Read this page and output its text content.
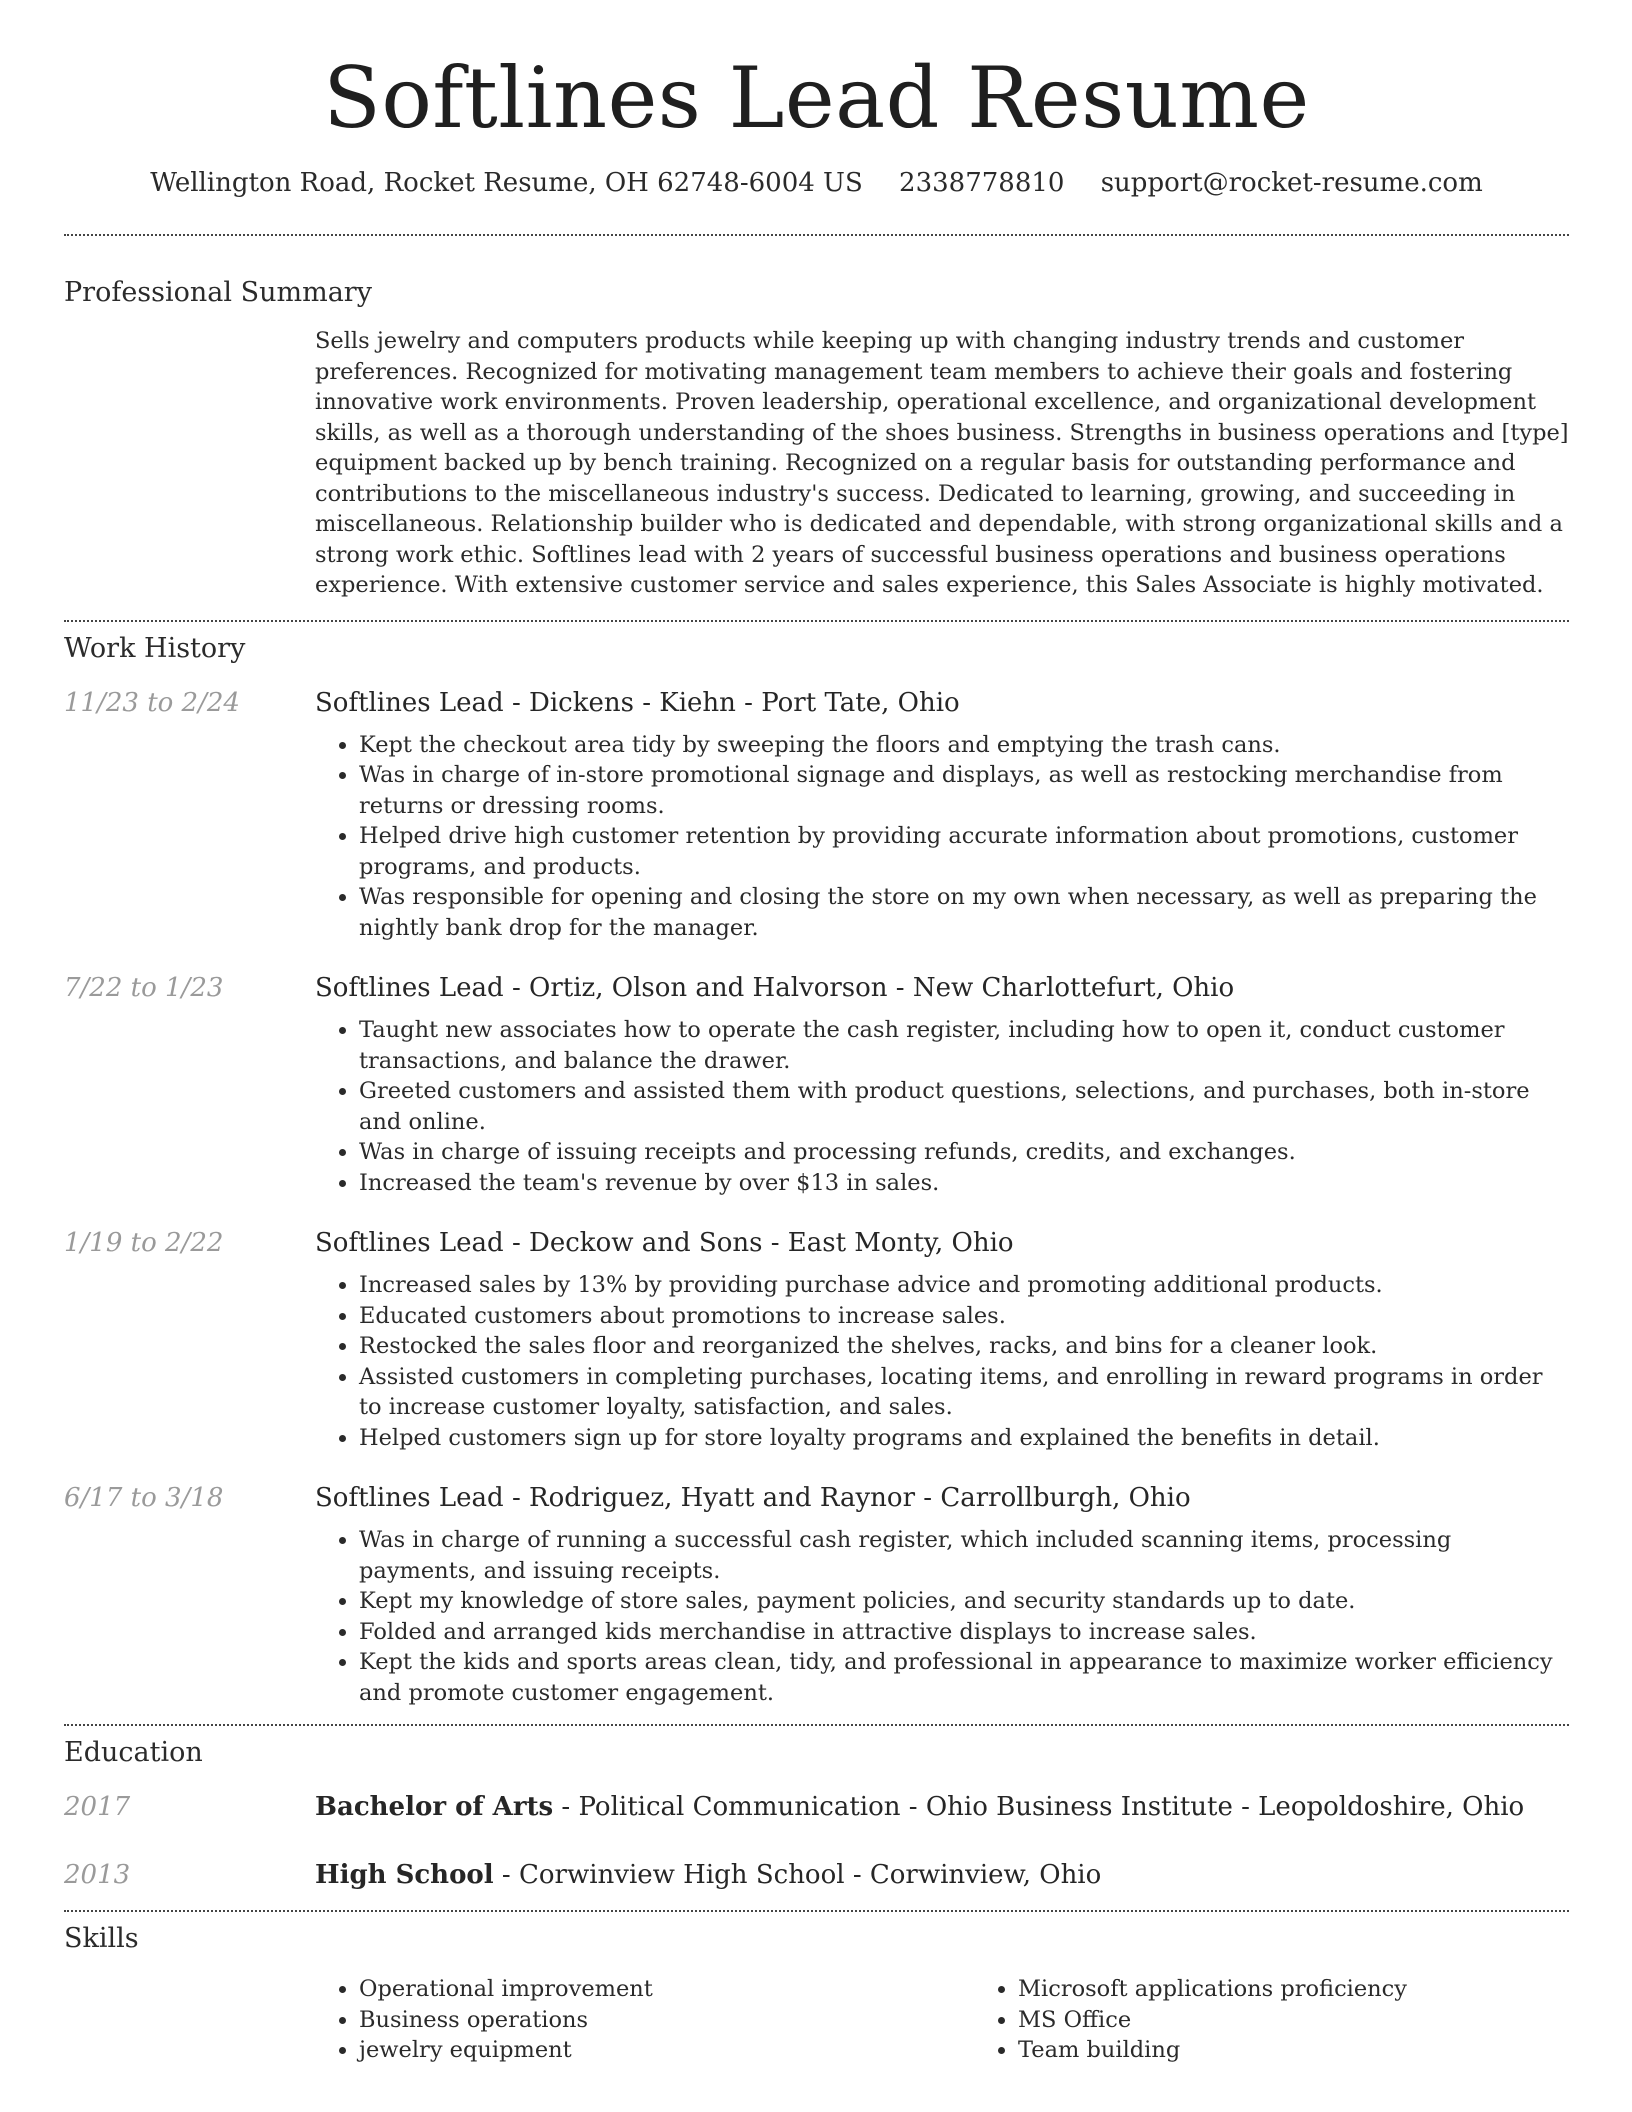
Softlines Lead Resume
Wellington Road, Rocket Resume, OH 62748-6004 US 2338778810 support@rocket-resume.com
Professional Summary

Sells jewelry and computers products while keeping up with changing industry trends and customer preferences. Recognized for motivating management team members to achieve their goals and fostering innovative work environments. Proven leadership, operational excellence, and organizational development skills, as well as a thorough understanding of the shoes business. Strengths in business operations and [type] equipment backed up by bench training. Recognized on a regular basis for outstanding performance and contributions to the miscellaneous industry's success. Dedicated to learning, growing, and succeeding in miscellaneous. Relationship builder who is dedicated and dependable, with strong organizational skills and a strong work ethic. Softlines lead with 2 years of successful business operations and business operations experience. With extensive customer service and sales experience, this Sales Associate is highly motivated.

Work History
11/23 to 2/24	Softlines Lead - Dickens - Kiehn - Port Tate, Ohio

• Kept the checkout area tidy by sweeping the floors and emptying the trash cans.
• Was in charge of in-store promotional signage and displays, as well as restocking merchandise from returns or dressing rooms.
• Helped drive high customer retention by providing accurate information about promotions, customer programs, and products.
• Was responsible for opening and closing the store on my own when necessary, as well as preparing the nightly bank drop for the manager.
7/22 to 1/23	Softlines Lead - Ortiz, Olson and Halvorson - New Charlottefurt, Ohio

• Taught new associates how to operate the cash register, including how to open it, conduct customer transactions, and balance the drawer.
• Greeted customers and assisted them with product questions, selections, and purchases, both in-store and online.
• Was in charge of issuing receipts and processing refunds, credits, and exchanges.
• Increased the team's revenue by over $13 in sales.
1/19 to 2/22	Softlines Lead - Deckow and Sons - East Monty, Ohio

• Increased sales by 13% by providing purchase advice and promoting additional products.
• Educated customers about promotions to increase sales.
• Restocked the sales floor and reorganized the shelves, racks, and bins for a cleaner look.
• Assisted customers in completing purchases, locating items, and enrolling in reward programs in order to increase customer loyalty, satisfaction, and sales.
• Helped customers sign up for store loyalty programs and explained the benefits in detail.
6/17 to 3/18	Softlines Lead - Rodriguez, Hyatt and Raynor - Carrollburgh, Ohio

• Was in charge of running a successful cash register, which included scanning items, processing payments, and issuing receipts.
• Kept my knowledge of store sales, payment policies, and security standards up to date.
• Folded and arranged kids merchandise in attractive displays to increase sales.
• Kept the kids and sports areas clean, tidy, and professional in appearance to maximize worker efficiency and promote customer engagement.
Education
2017	Bachelor of Arts - Political Communication - Ohio Business Institute - Leopoldoshire, Ohio

2013	High School - Corwinview High School - Corwinview, Ohio

Skills
• Operational improvement
• Business operations
• jewelry equipment
• Microsoft applications proficiency
• MS Office
• Team building
